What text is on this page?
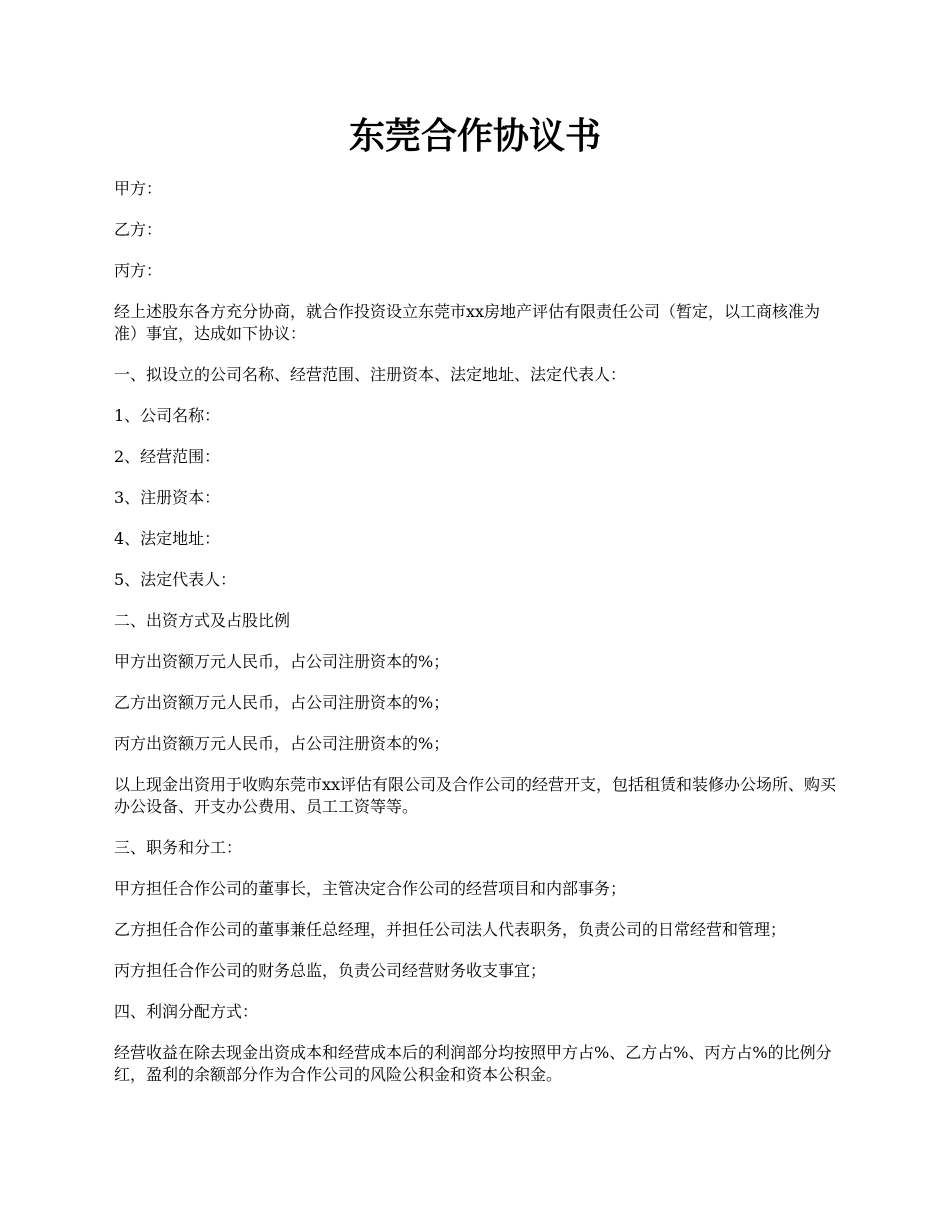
东莞合作协议书

甲方：

乙方：

丙方：

经上述股东各方充分协商，就合作投资设立东莞市xx房地产评估有限责任公司（暂定，以工商核准为准）事宜，达成如下协议：

一、拟设立的公司名称、经营范围、注册资本、法定地址、法定代表人：

1、公司名称：

2、经营范围：

3、注册资本：

4、法定地址：

5、法定代表人：

二、出资方式及占股比例

甲方出资额万元人民币，占公司注册资本的%；

乙方出资额万元人民币，占公司注册资本的%；

丙方出资额万元人民币，占公司注册资本的%；

以上现金出资用于收购东莞市xx评估有限公司及合作公司的经营开支，包括租赁和装修办公场所、购买办公设备、开支办公费用、员工工资等等。

三、职务和分工：

甲方担任合作公司的董事长，主管决定合作公司的经营项目和内部事务；

乙方担任合作公司的董事兼任总经理，并担任公司法人代表职务，负责公司的日常经营和管理；

丙方担任合作公司的财务总监，负责公司经营财务收支事宜；

四、利润分配方式：

经营收益在除去现金出资成本和经营成本后的利润部分均按照甲方占%、乙方占%、丙方占%的比例分红，盈利的余额部分作为合作公司的风险公积金和资本公积金。
